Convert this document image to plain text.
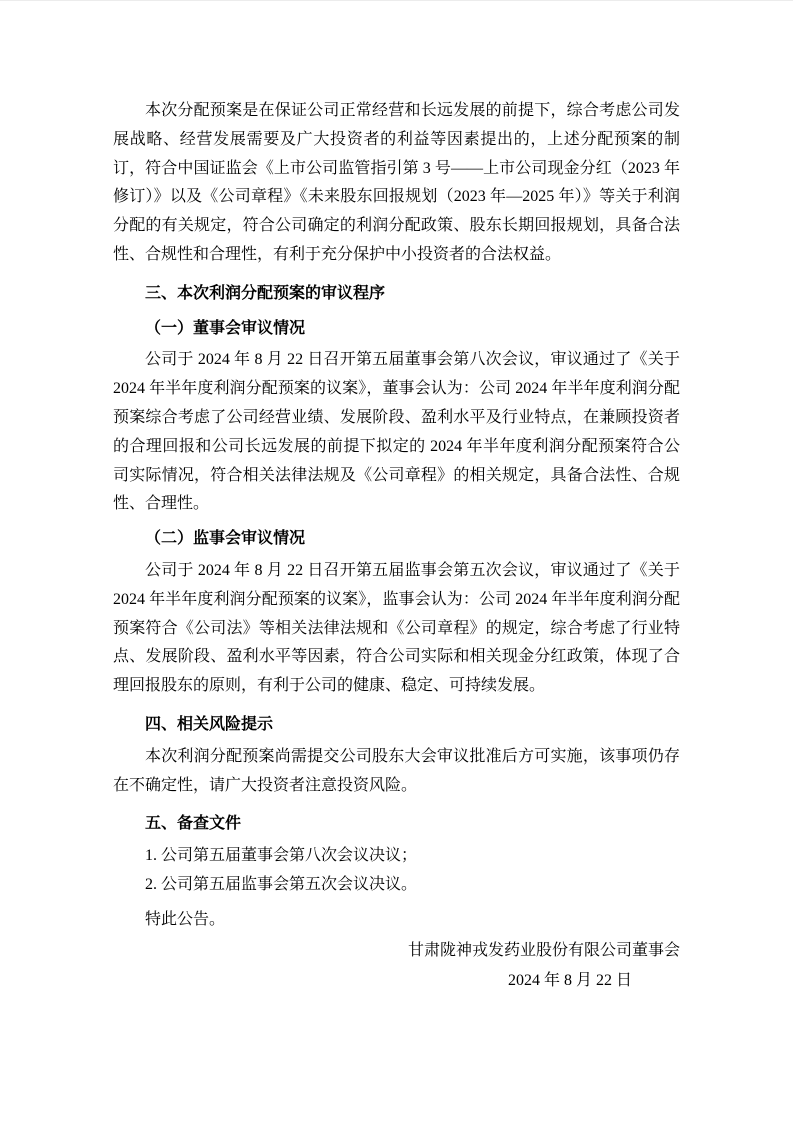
本次分配预案是在保证公司正常经营和长远发展的前提下，综合考虑公司发展战略、经营发展需要及广大投资者的利益等因素提出的，上述分配预案的制订，符合中国证监会《上市公司监管指引第 3 号——上市公司现金分红（2023 年修订）》以及《公司章程》《未来股东回报规划（2023 年—2025 年）》等关于利润分配的有关规定，符合公司确定的利润分配政策、股东长期回报规划，具备合法性、合规性和合理性，有利于充分保护中小投资者的合法权益。

三、本次利润分配预案的审议程序

（一）董事会审议情况

公司于 2024 年 8 月 22 日召开第五届董事会第八次会议，审议通过了《关于 2024 年半年度利润分配预案的议案》，董事会认为：公司 2024 年半年度利润分配预案综合考虑了公司经营业绩、发展阶段、盈利水平及行业特点，在兼顾投资者的合理回报和公司长远发展的前提下拟定的 2024 年半年度利润分配预案符合公司实际情况，符合相关法律法规及《公司章程》的相关规定，具备合法性、合规性、合理性。

（二）监事会审议情况

公司于 2024 年 8 月 22 日召开第五届监事会第五次会议，审议通过了《关于 2024 年半年度利润分配预案的议案》，监事会认为：公司 2024 年半年度利润分配预案符合《公司法》等相关法律法规和《公司章程》的规定，综合考虑了行业特点、发展阶段、盈利水平等因素，符合公司实际和相关现金分红政策，体现了合理回报股东的原则，有利于公司的健康、稳定、可持续发展。

四、相关风险提示

本次利润分配预案尚需提交公司股东大会审议批准后方可实施，该事项仍存在不确定性，请广大投资者注意投资风险。

五、备查文件

1. 公司第五届董事会第八次会议决议；

2. 公司第五届监事会第五次会议决议。

特此公告。

甘肃陇神戎发药业股份有限公司董事会

2024 年 8 月 22 日
